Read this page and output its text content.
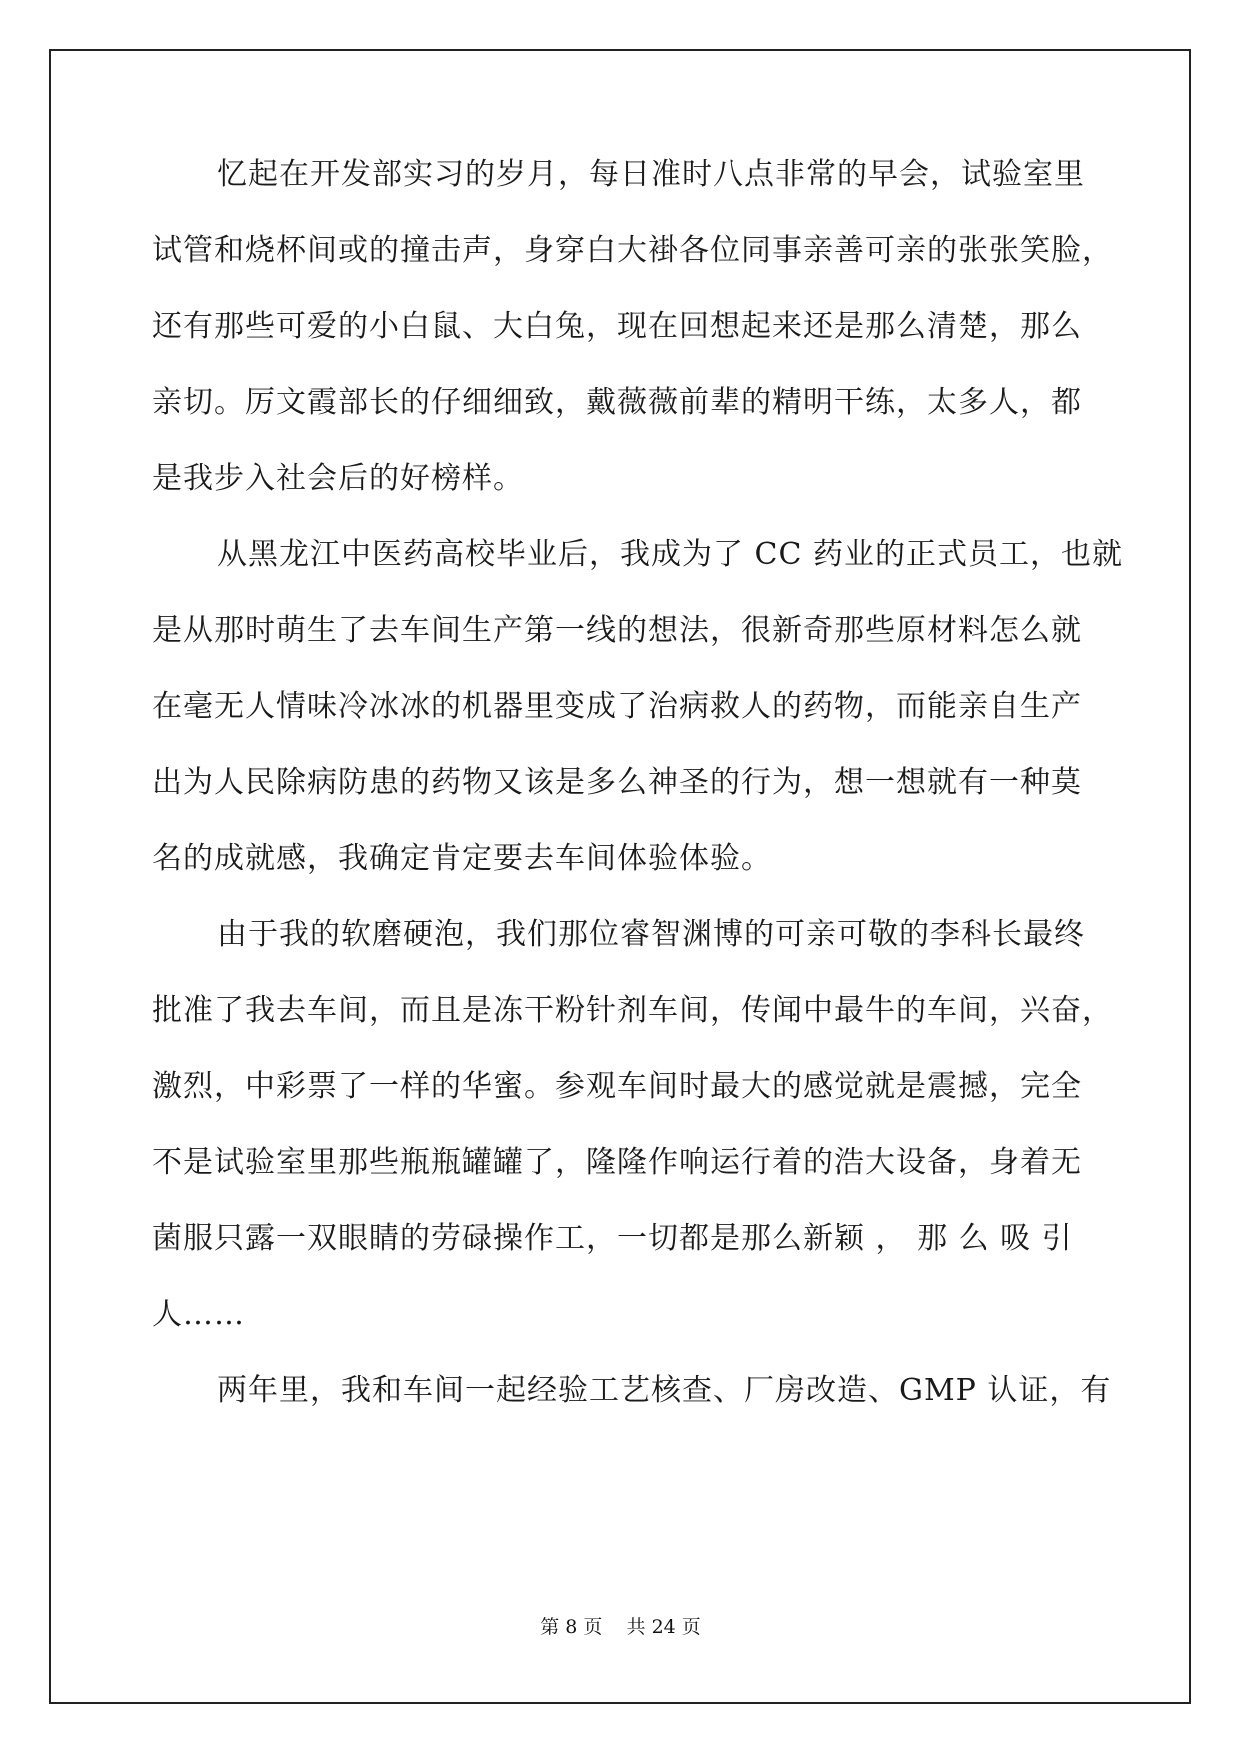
忆起在开发部实习的岁月，每日准时八点非常的早会，试验室里
试管和烧杯间或的撞击声，身穿白大褂各位同事亲善可亲的张张笑脸，
还有那些可爱的小白鼠、大白兔，现在回想起来还是那么清楚，那么
亲切。厉文霞部长的仔细细致，戴薇薇前辈的精明干练，太多人，都
是我步入社会后的好榜样。
从黑龙江中医药高校毕业后，我成为了 CC 药业的正式员工，也就
是从那时萌生了去车间生产第一线的想法，很新奇那些原材料怎么就
在毫无人情味冷冰冰的机器里变成了治病救人的药物，而能亲自生产
出为人民除病防患的药物又该是多么神圣的行为，想一想就有一种莫
名的成就感，我确定肯定要去车间体验体验。
由于我的软磨硬泡，我们那位睿智渊博的可亲可敬的李科长最终
批准了我去车间，而且是冻干粉针剂车间，传闻中最牛的车间，兴奋，
激烈，中彩票了一样的华蜜。参观车间时最大的感觉就是震撼，完全
不是试验室里那些瓶瓶罐罐了，隆隆作响运行着的浩大设备，身着无
菌服只露一双眼睛的劳碌操作工，一切都是那么新颖 ， 那 么 吸 引
人……
两年里，我和车间一起经验工艺核查、厂房改造、GMP 认证，有
第 8 页 共 24 页
